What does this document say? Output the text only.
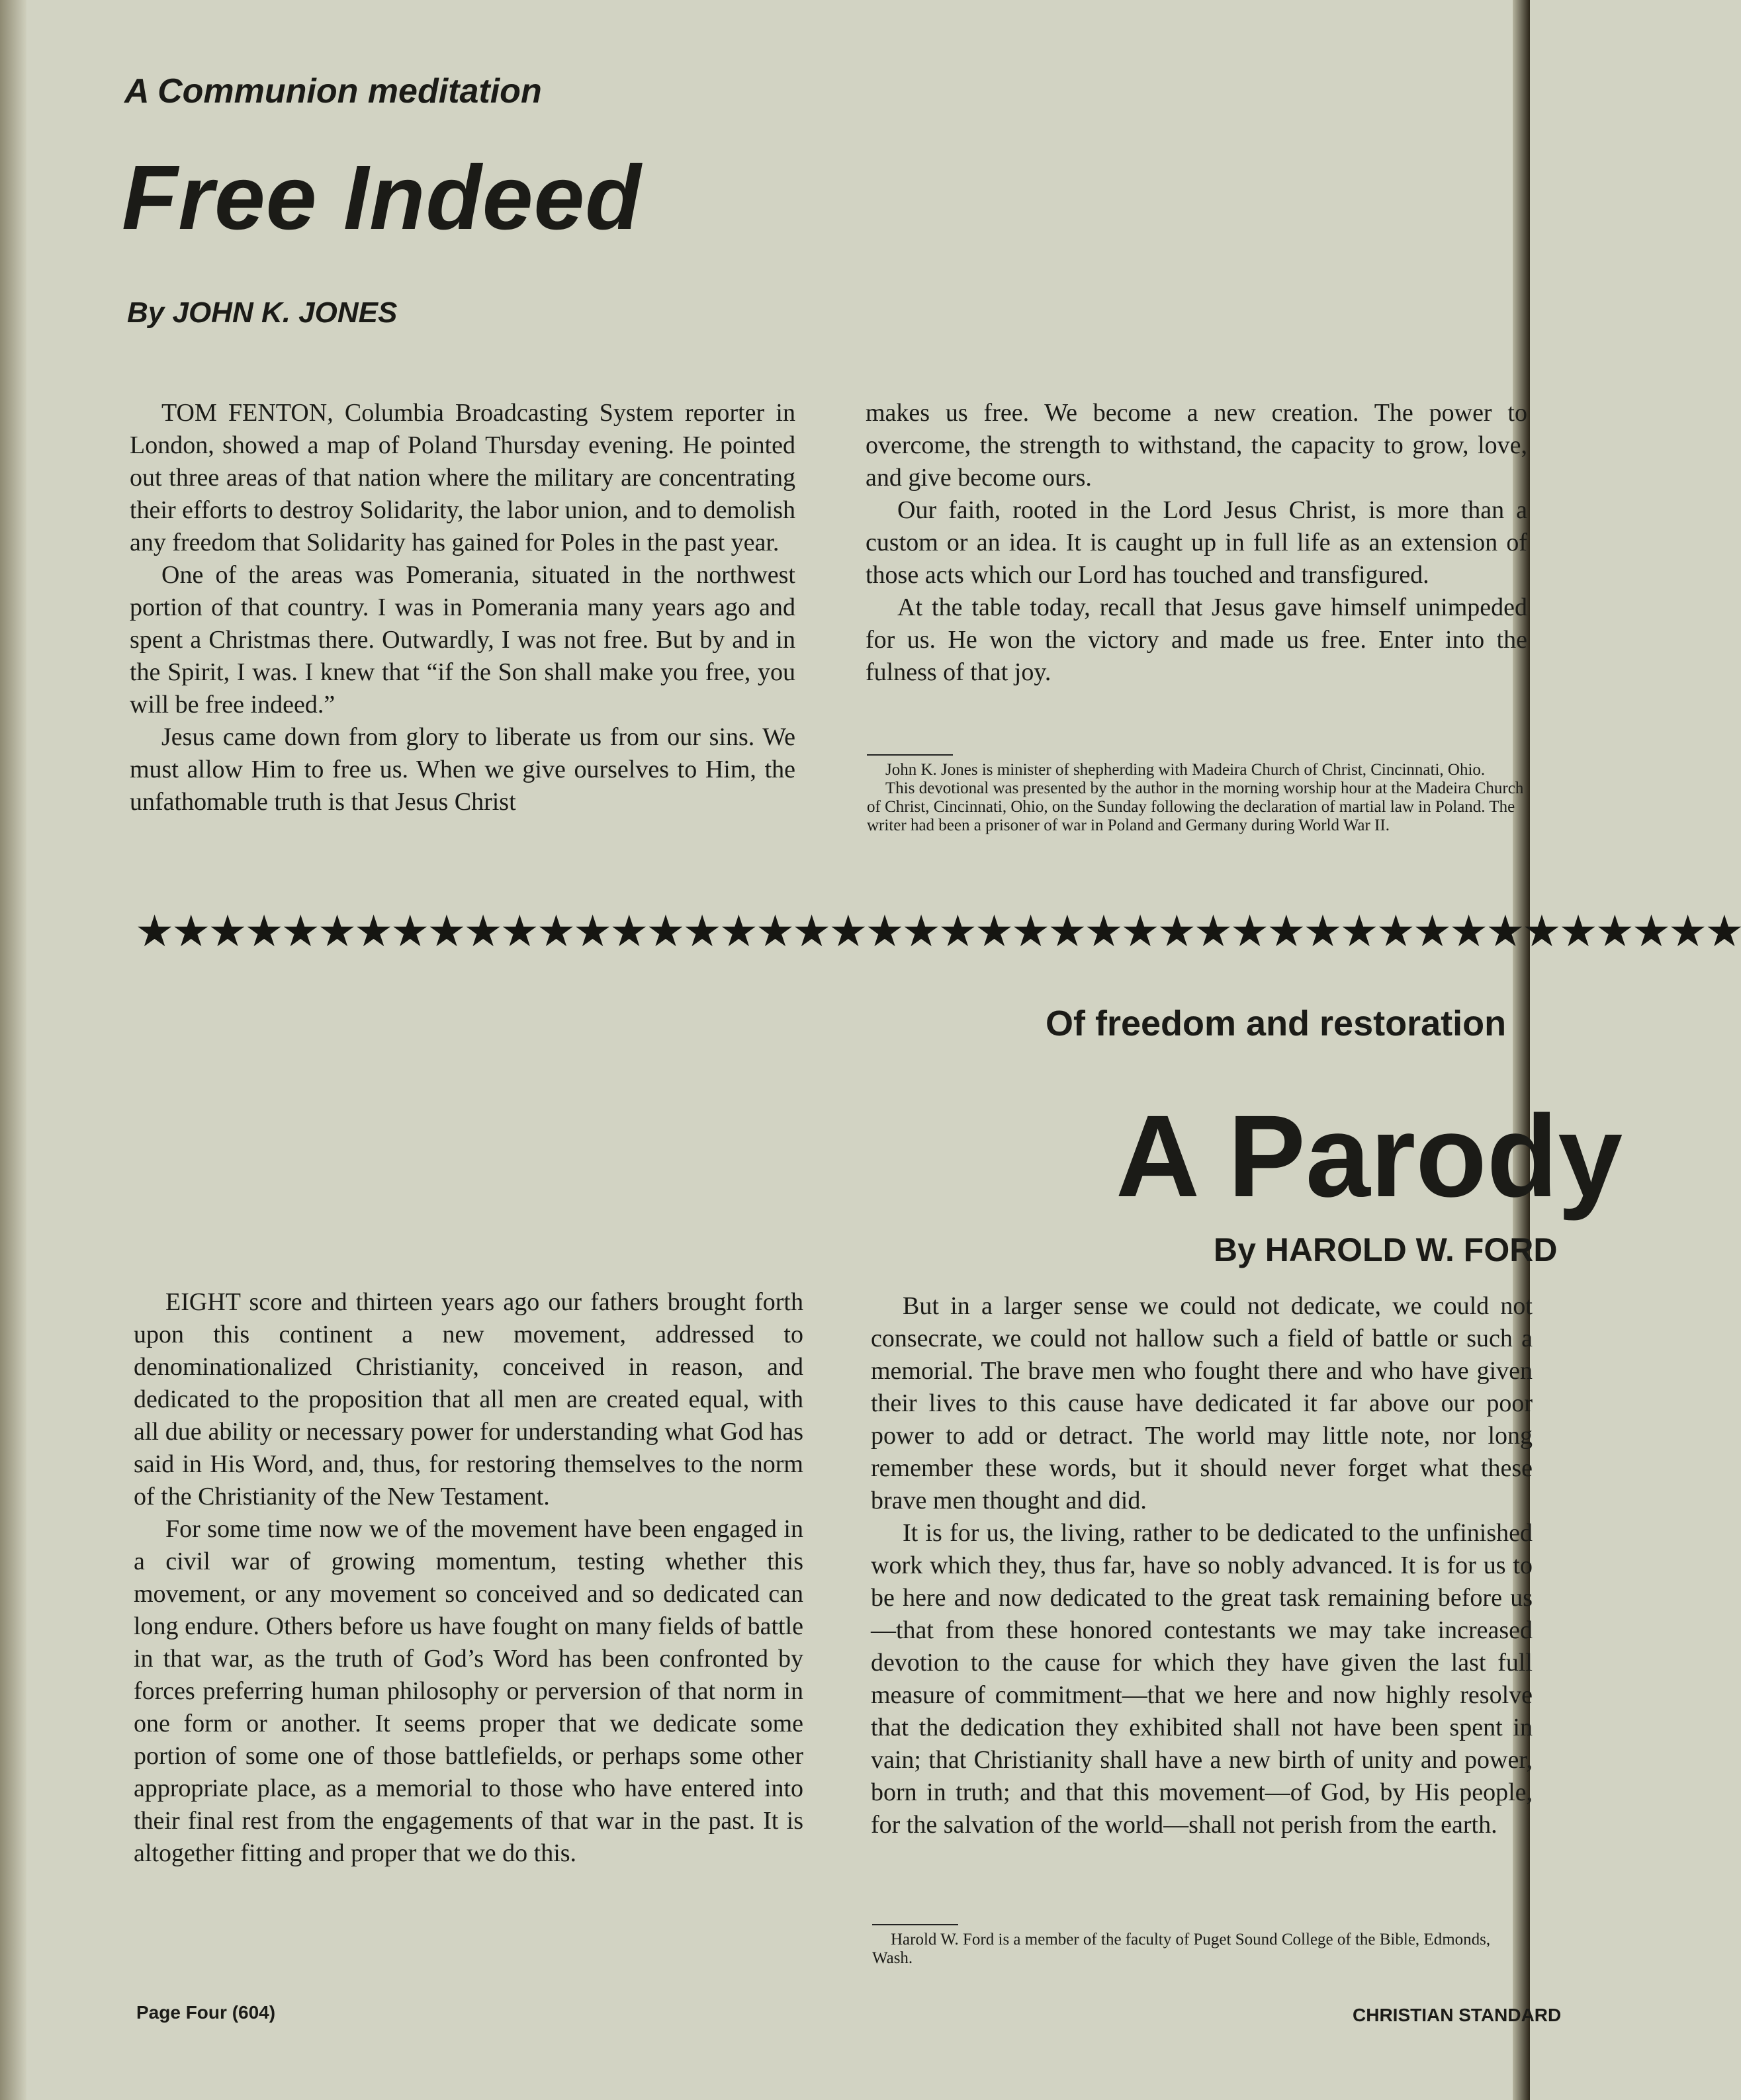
A Communion meditation
Free Indeed
By JOHN K. JONES

TOM FENTON, Columbia Broadcasting System reporter in London, showed a map of Poland Thursday evening. He pointed out three areas of that nation where the military are concentrating their efforts to destroy Solidarity, the labor union, and to demolish any freedom that Solidarity has gained for Poles in the past year.

One of the areas was Pomerania, situated in the northwest portion of that country. I was in Pomerania many years ago and spent a Christmas there. Outwardly, I was not free. But by and in the Spirit, I was. I knew that “if the Son shall make you free, you will be free indeed.”

Jesus came down from glory to liberate us from our sins. We must allow Him to free us. When we give ourselves to Him, the unfathomable truth is that Jesus Christ

makes us free. We become a new creation. The power to overcome, the strength to withstand, the capacity to grow, love, and give become ours.

Our faith, rooted in the Lord Jesus Christ, is more than a custom or an idea. It is caught up in full life as an extension of those acts which our Lord has touched and transfigured.

At the table today, recall that Jesus gave himself unimpeded for us. He won the victory and made us free. Enter into the fulness of that joy.

John K. Jones is minister of shepherding with Madeira Church of Christ, Cincinnati, Ohio.

This devotional was presented by the author in the morning worship hour at the Madeira Church of Christ, Cincinnati, Ohio, on the Sunday following the declaration of martial law in Poland. The writer had been a prisoner of war in Poland and Germany during World War II.

★★★★★★★★★★★★★★★★★★★★★★★★★★★★★★★★★★★★★★★★★★★★
Of freedom and restoration
A Parody
By HAROLD W. FORD

EIGHT score and thirteen years ago our fathers brought forth upon this continent a new movement, addressed to denominationalized Christianity, conceived in reason, and dedicated to the proposition that all men are created equal, with all due ability or necessary power for understanding what God has said in His Word, and, thus, for restoring themselves to the norm of the Christianity of the New Testament.

For some time now we of the movement have been engaged in a civil war of growing momentum, testing whether this movement, or any movement so conceived and so dedicated can long endure. Others before us have fought on many fields of battle in that war, as the truth of God’s Word has been confronted by forces preferring human philosophy or perversion of that norm in one form or another. It seems proper that we dedicate some portion of some one of those battlefields, or perhaps some other appropriate place, as a memorial to those who have entered into their final rest from the engagements of that war in the past. It is altogether fitting and proper that we do this.

But in a larger sense we could not dedicate, we could not consecrate, we could not hallow such a field of battle or such a memorial. The brave men who fought there and who have given their lives to this cause have dedicated it far above our poor power to add or detract. The world may little note, nor long remember these words, but it should never forget what these brave men thought and did.

It is for us, the living, rather to be dedicated to the unfinished work which they, thus far, have so nobly advanced. It is for us to be here and now dedicated to the great task remaining before us—that from these honored contestants we may take increased devotion to the cause for which they have given the last full measure of commitment—that we here and now highly resolve that the dedication they exhibited shall not have been spent in vain; that Christianity shall have a new birth of unity and power, born in truth; and that this movement—of God, by His people, for the salvation of the world—shall not perish from the earth.

Harold W. Ford is a member of the faculty of Puget Sound College of the Bible, Edmonds, Wash.

Page Four (604)	CHRISTIAN STANDARD
